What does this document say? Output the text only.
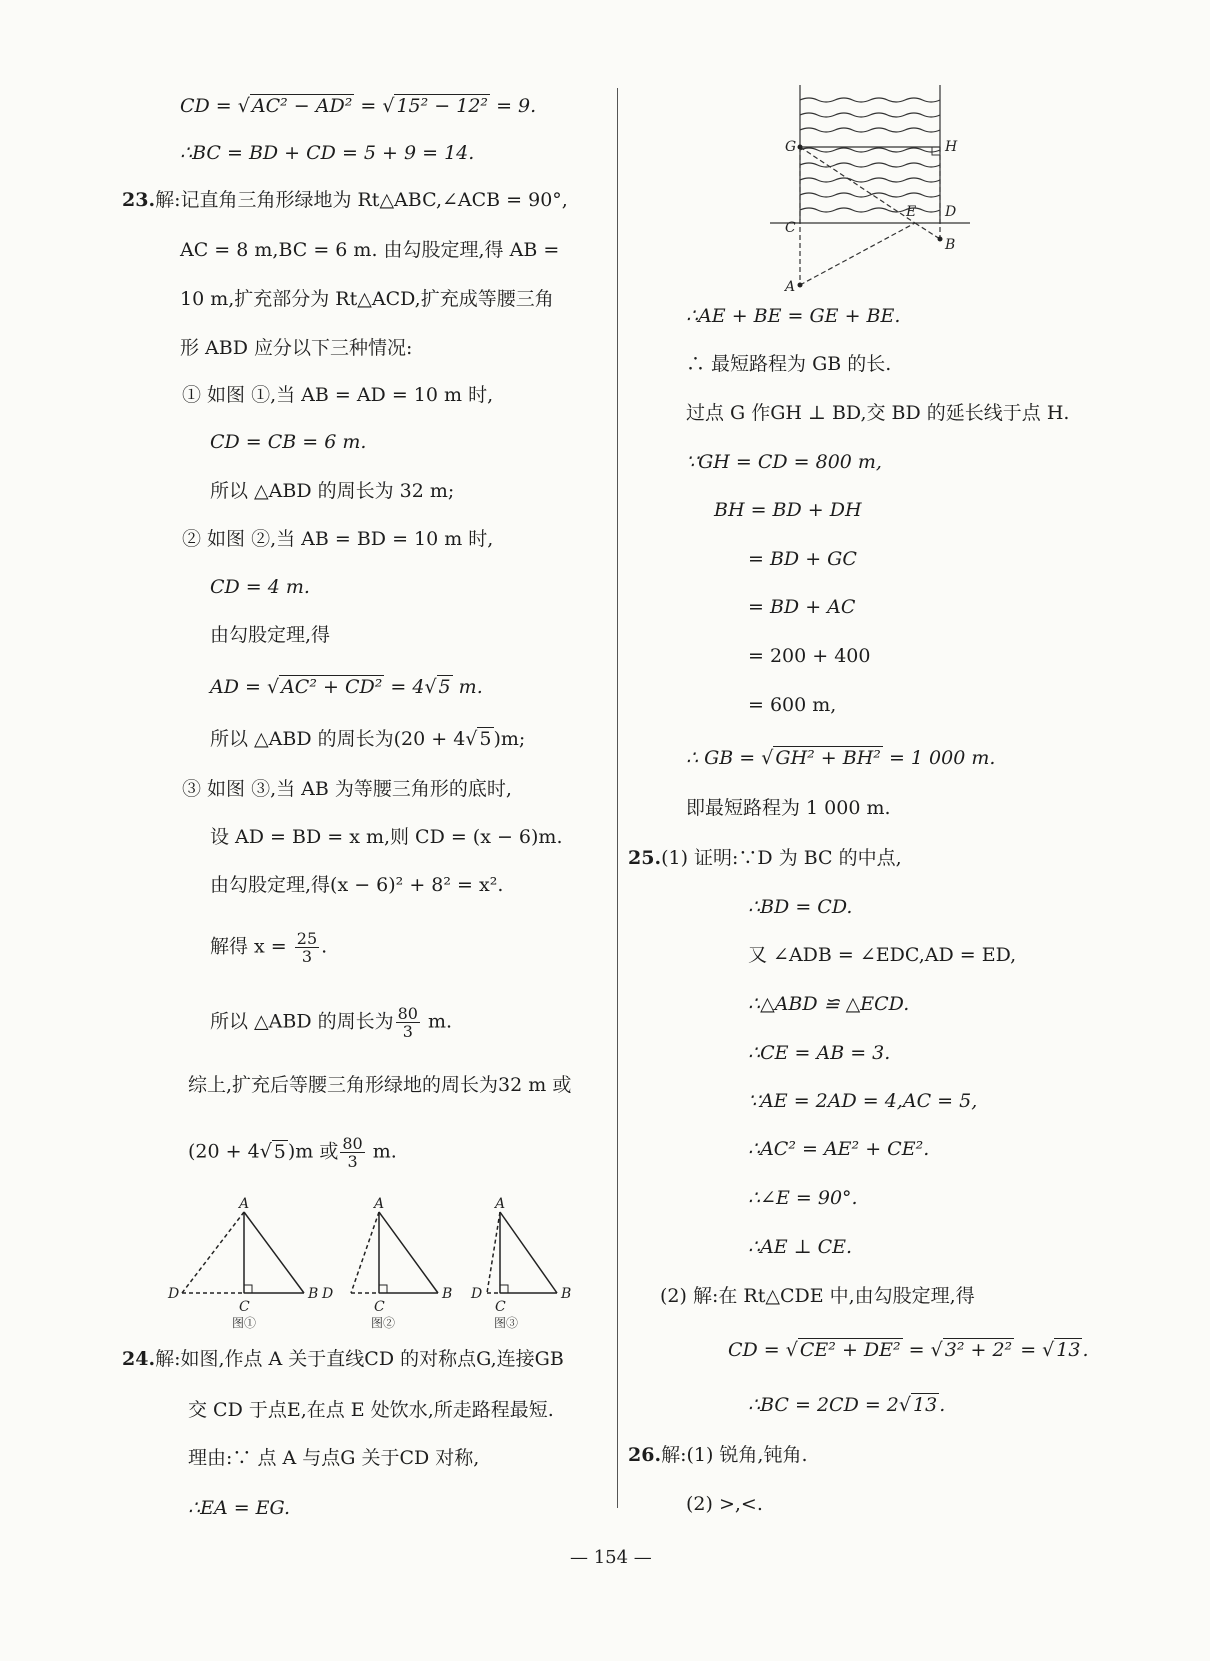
CD = √ AC² − AD² = √ 15² − 12² = 9.
∴BC = BD + CD = 5 + 9 = 14.
23.解:记直角三角形绿地为 Rt△ABC,∠ACB = 90°,
AC = 8 m,BC = 6 m. 由勾股定理,得 AB =
10 m,扩充部分为 Rt△ACD,扩充成等腰三角
形 ABD 应分以下三种情况:
① 如图 ①,当 AB = AD = 10 m 时,
CD = CB = 6 m.
所以 △ABD 的周长为 32 m;
② 如图 ②,当 AB = BD = 10 m 时,
CD = 4 m.
由勾股定理,得
AD = √ AC² + CD² = 4√ 5 m.
所以 △ABD 的周长为(20 + 4√ 5 )m;
③ 如图 ③,当 AB 为等腰三角形的底时,
设 AD = BD = x m,则 CD = (x − 6)m.
由勾股定理,得(x − 6)² + 8² = x².
解得 $x = \frac{25}{3}$ .
所以 △ABD 的周长为 $\frac{80}{3} m$.
综上,扩充后等腰三角形绿地的周长为32 m 或
(20 + 4√ 5 )m 或 $\frac{80}{3} m$.
A
B
C
D
A
B
C
D
A
B
C
D
图①	图②	图③
24.解:如图,作点 A 关于直线CD 的对称点G,连接GB
交 CD 于点E,在点 E 处饮水,所走路程最短.
理由:∵ 点 A 与点G 关于CD 对称,
∴EA = EG.
G	H
E D
C
B
A
∴AE + BE = GE + BE.
∴ 最短路程为 GB 的长.
过点 G 作GH ⊥ BD,交 BD 的延长线于点 H.
∵GH = CD = 800 m,
BH = BD + DH
= BD + GC
= BD + AC
= 200 + 400
= 600 m,
∴ GB = √ GH² + BH² = 1 000 m.
即最短路程为 1 000 m.
25.(1) 证明:∵D 为 BC 的中点,
∴BD = CD.
又 ∠ADB = ∠EDC,AD = ED,
∴△ABD ≌ △ECD.
∴CE = AB = 3.
∵AE = 2AD = 4,AC = 5,
∴AC² = AE² + CE².
∴∠E = 90°.
∴AE ⊥ CE.
(2) 解:在 Rt△CDE 中,由勾股定理,得
CD = √ CE² + DE² = √ 3² + 2² = √ 13 .
∴BC = 2CD = 2√ 13 .
26.解:(1) 锐角,钝角.
(2) >,<.
— 154 —
